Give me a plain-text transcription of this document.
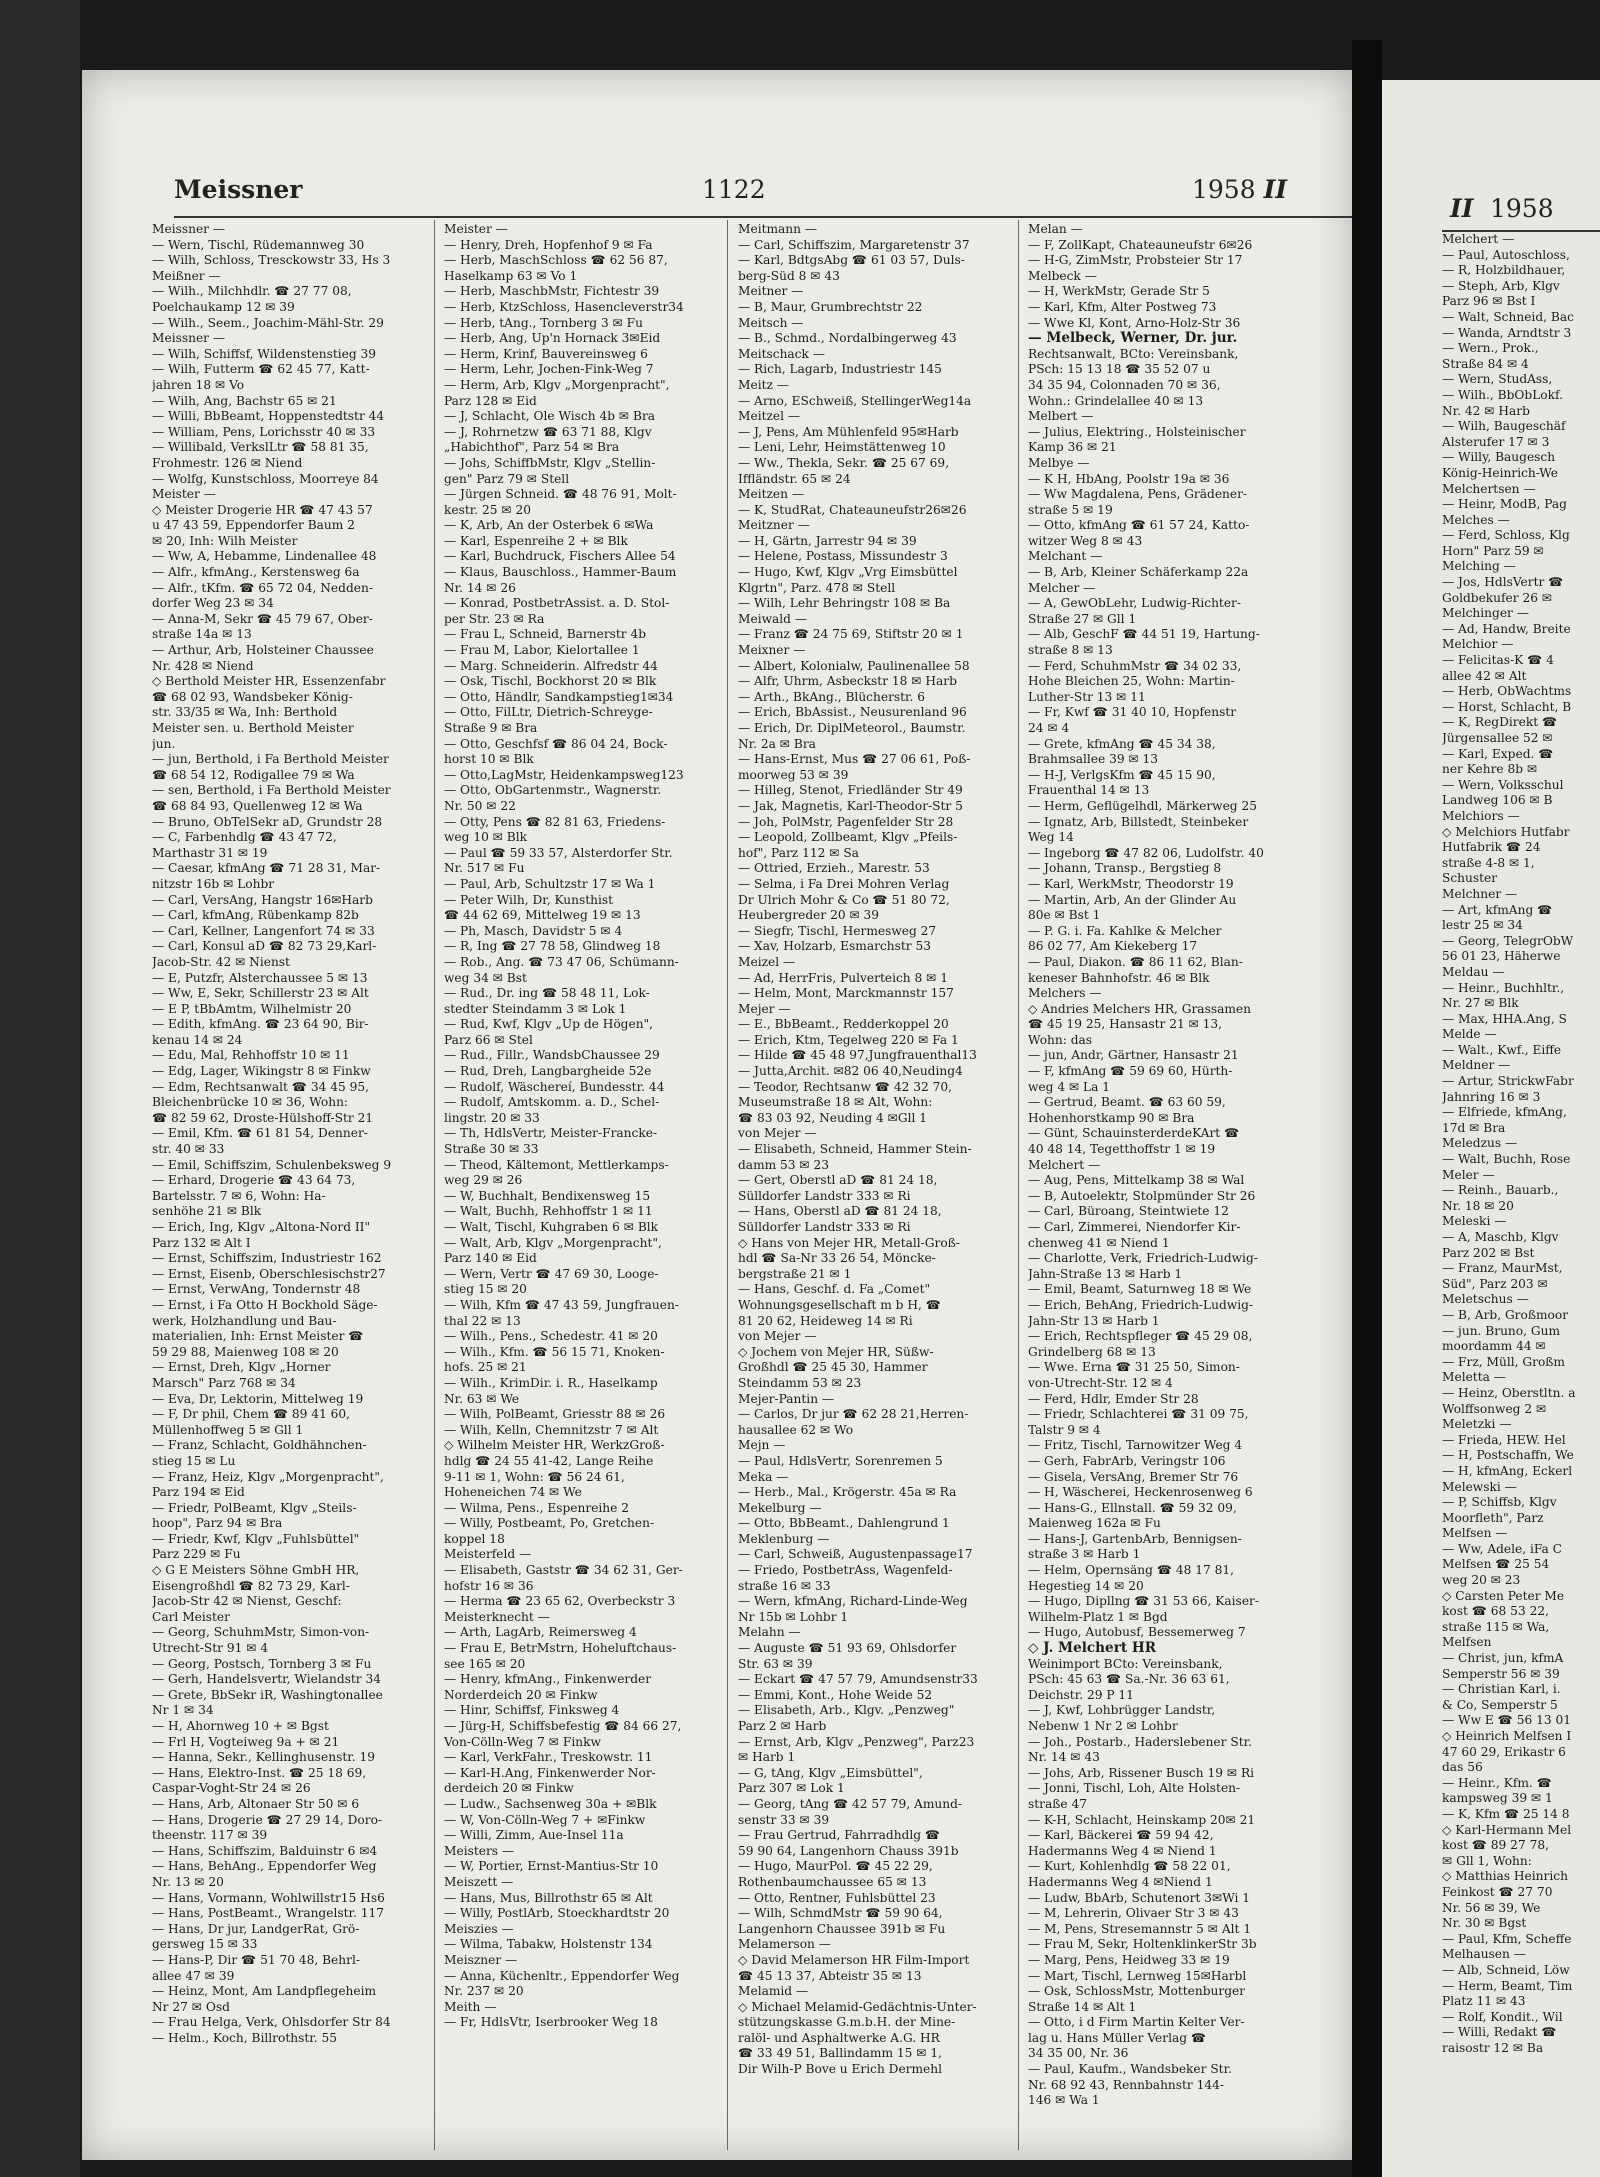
Meissner	1122	1958 II
Meissner —
— Wern, Tischl, Rüdemannweg 30
— Wilh, Schloss, Tresckowstr 33, Hs 3
Meißner —
— Wilh., Milchhdlr. ☎ 27 77 08,
Poelchaukamp 12 ✉ 39
— Wilh., Seem., Joachim-Mähl-Str. 29
Meissner —
— Wilh, Schiffsf, Wildenstenstieg 39
— Wilh, Futterm ☎ 62 45 77, Katt-
jahren 18 ✉ Vo
— Wilh, Ang, Bachstr 65 ✉ 21
— Willi, BbBeamt, Hoppenstedtstr 44
— William, Pens, Lorichsstr 40 ✉ 33
— Willibald, VerkslLtr ☎ 58 81 35,
Frohmestr. 126 ✉ Niend
— Wolfg, Kunstschloss, Moorreye 84
Meister —
◇ Meister Drogerie HR ☎ 47 43 57
u 47 43 59, Eppendorfer Baum 2
✉ 20, Inh: Wilh Meister
— Ww, A, Hebamme, Lindenallee 48
— Alfr., kfmAng., Kerstensweg 6a
— Alfr., tKfm. ☎ 65 72 04, Nedden-
dorfer Weg 23 ✉ 34
— Anna-M, Sekr ☎ 45 79 67, Ober-
straße 14a ✉ 13
— Arthur, Arb, Holsteiner Chaussee
Nr. 428 ✉ Niend
◇ Berthold Meister HR, Essenzenfabr
☎ 68 02 93, Wandsbeker König-
str. 33/35 ✉ Wa, Inh: Berthold
Meister sen. u. Berthold Meister
jun.
— jun, Berthold, i Fa Berthold Meister
☎ 68 54 12, Rodigallee 79 ✉ Wa
— sen, Berthold, i Fa Berthold Meister
☎ 68 84 93, Quellenweg 12 ✉ Wa
— Bruno, ObTelSekr aD, Grundstr 28
— C, Farbenhdlg ☎ 43 47 72,
Marthastr 31 ✉ 19
— Caesar, kfmAng ☎ 71 28 31, Mar-
nitzstr 16b ✉ Lohbr
— Carl, VersAng, Hangstr 16✉Harb
— Carl, kfmAng, Rübenkamp 82b
— Carl, Kellner, Langenfort 74 ✉ 33
— Carl, Konsul aD ☎ 82 73 29,Karl-
Jacob-Str. 42 ✉ Nienst
— E, Putzfr, Alsterchaussee 5 ✉ 13
— Ww, E, Sekr, Schillerstr 23 ✉ Alt
— E P, tBbAmtm, Wilhelmistr 20
— Edith, kfmAng. ☎ 23 64 90, Bir-
kenau 14 ✉ 24
— Edu, Mal, Rehhoffstr 10 ✉ 11
— Edg, Lager, Wikingstr 8 ✉ Finkw
— Edm, Rechtsanwalt ☎ 34 45 95,
Bleichenbrücke 10 ✉ 36, Wohn:
☎ 82 59 62, Droste-Hülshoff-Str 21
— Emil, Kfm. ☎ 61 81 54, Denner-
str. 40 ✉ 33
— Emil, Schiffszim, Schulenbeksweg 9
— Erhard, Drogerie ☎ 43 64 73,
Bartelsstr. 7 ✉ 6, Wohn: Ha-
senhöhe 21 ✉ Blk
— Erich, Ing, Klgv „Altona-Nord II"
Parz 132 ✉ Alt I
— Ernst, Schiffszim, Industriestr 162
— Ernst, Eisenb, Oberschlesischstr27
— Ernst, VerwAng, Tondernstr 48
— Ernst, i Fa Otto H Bockhold Säge-
werk, Holzhandlung und Bau-
materialien, Inh: Ernst Meister ☎
59 29 88, Maienweg 108 ✉ 20
— Ernst, Dreh, Klgv „Horner
Marsch" Parz 768 ✉ 34
— Eva, Dr, Lektorin, Mittelweg 19
— F, Dr phil, Chem ☎ 89 41 60,
Müllenhoffweg 5 ✉ Gll 1
— Franz, Schlacht, Goldhähnchen-
stieg 15 ✉ Lu
— Franz, Heiz, Klgv „Morgenpracht",
Parz 194 ✉ Eid
— Friedr, PolBeamt, Klgv „Steils-
hoop", Parz 94 ✉ Bra
— Friedr, Kwf, Klgv „Fuhlsbüttel"
Parz 229 ✉ Fu
◇ G E Meisters Söhne GmbH HR,
Eisengroßhdl ☎ 82 73 29, Karl-
Jacob-Str 42 ✉ Nienst, Geschf:
Carl Meister
— Georg, SchuhmMstr, Simon-von-
Utrecht-Str 91 ✉ 4
— Georg, Postsch, Tornberg 3 ✉ Fu
— Gerh, Handelsvertr, Wielandstr 34
— Grete, BbSekr iR, Washingtonallee
Nr 1 ✉ 34
— H, Ahornweg 10 + ✉ Bgst
— Frl H, Vogteiweg 9a + ✉ 21
— Hanna, Sekr., Kellinghusenstr. 19
— Hans, Elektro-Inst. ☎ 25 18 69,
Caspar-Voght-Str 24 ✉ 26
— Hans, Arb, Altonaer Str 50 ✉ 6
— Hans, Drogerie ☎ 27 29 14, Doro-
theenstr. 117 ✉ 39
— Hans, Schiffszim, Balduinstr 6 ✉4
— Hans, BehAng., Eppendorfer Weg
Nr. 13 ✉ 20
— Hans, Vormann, Wohlwillstr15 Hs6
— Hans, PostBeamt., Wrangelstr. 117
— Hans, Dr jur, LandgerRat, Grö-
gersweg 15 ✉ 33
— Hans-P, Dir ☎ 51 70 48, Behrl-
allee 47 ✉ 39
— Heinz, Mont, Am Landpflegeheim
Nr 27 ✉ Osd
— Frau Helga, Verk, Ohlsdorfer Str 84
— Helm., Koch, Billrothstr. 55
Meister —
— Henry, Dreh, Hopfenhof 9 ✉ Fa
— Herb, MaschSchloss ☎ 62 56 87,
Haselkamp 63 ✉ Vo 1
— Herb, MaschbMstr, Fichtestr 39
— Herb, KtzSchloss, Hasencleverstr34
— Herb, tAng., Tornberg 3 ✉ Fu
— Herb, Ang, Up'n Hornack 3✉Eid
— Herm, Krinf, Bauvereinsweg 6
— Herm, Lehr, Jochen-Fink-Weg 7
— Herm, Arb, Klgv „Morgenpracht",
Parz 128 ✉ Eid
— J, Schlacht, Ole Wisch 4b ✉ Bra
— J, Rohrnetzw ☎ 63 71 88, Klgv
„Habichthof", Parz 54 ✉ Bra
— Johs, SchiffbMstr, Klgv „Stellin-
gen" Parz 79 ✉ Stell
— Jürgen Schneid. ☎ 48 76 91, Molt-
kestr. 25 ✉ 20
— K, Arb, An der Osterbek 6 ✉Wa
— Karl, Espenreihe 2 + ✉ Blk
— Karl, Buchdruck, Fischers Allee 54
— Klaus, Bauschloss., Hammer-Baum
Nr. 14 ✉ 26
— Konrad, PostbetrAssist. a. D. Stol-
per Str. 23 ✉ Ra
— Frau L, Schneid, Barnerstr 4b
— Frau M, Labor, Kielortallee 1
— Marg. Schneiderin. Alfredstr 44
— Osk, Tischl, Bockhorst 20 ✉ Blk
— Otto, Händlr, Sandkampstieg1✉34
— Otto, FilLtr, Dietrich-Schreyge-
Straße 9 ✉ Bra
— Otto, Geschfsf ☎ 86 04 24, Bock-
horst 10 ✉ Blk
— Otto,LagMstr, Heidenkampsweg123
— Otto, ObGartenmstr., Wagnerstr.
Nr. 50 ✉ 22
— Otty, Pens ☎ 82 81 63, Friedens-
weg 10 ✉ Blk
— Paul ☎ 59 33 57, Alsterdorfer Str.
Nr. 517 ✉ Fu
— Paul, Arb, Schultzstr 17 ✉ Wa 1
— Peter Wilh, Dr, Kunsthist
☎ 44 62 69, Mittelweg 19 ✉ 13
— Ph, Masch, Davidstr 5 ✉ 4
— R, Ing ☎ 27 78 58, Glindweg 18
— Rob., Ang. ☎ 73 47 06, Schümann-
weg 34 ✉ Bst
— Rud., Dr. ing ☎ 58 48 11, Lok-
stedter Steindamm 3 ✉ Lok 1
— Rud, Kwf, Klgv „Up de Högen",
Parz 66 ✉ Stel
— Rud., Fillr., WandsbChaussee 29
— Rud, Dreh, Langbargheide 52e
— Rudolf, Wäschereí, Bundesstr. 44
— Rudolf, Amtskomm. a. D., Schel-
lingstr. 20 ✉ 33
— Th, HdlsVertr, Meister-Francke-
Straße 30 ✉ 33
— Theod, Kältemont, Mettlerkamps-
weg 29 ✉ 26
— W, Buchhalt, Bendixensweg 15
— Walt, Buchh, Rehhoffstr 1 ✉ 11
— Walt, Tischl, Kuhgraben 6 ✉ Blk
— Walt, Arb, Klgv „Morgenpracht",
Parz 140 ✉ Eid
— Wern, Vertr ☎ 47 69 30, Looge-
stieg 15 ✉ 20
— Wilh, Kfm ☎ 47 43 59, Jungfrauen-
thal 22 ✉ 13
— Wilh., Pens., Schedestr. 41 ✉ 20
— Wilh., Kfm. ☎ 56 15 71, Knoken-
hofs. 25 ✉ 21
— Wilh., KrimDir. i. R., Haselkamp
Nr. 63 ✉ We
— Wilh, PolBeamt, Griesstr 88 ✉ 26
— Wilh, Kelln, Chemnitzstr 7 ✉ Alt
◇ Wilhelm Meister HR, WerkzGroß-
hdlg ☎ 24 55 41-42, Lange Reihe
9-11 ✉ 1, Wohn: ☎ 56 24 61,
Hoheneichen 74 ✉ We
— Wilma, Pens., Espenreihe 2
— Willy, Postbeamt, Po, Gretchen-
koppel 18
Meisterfeld —
— Elisabeth, Gaststr ☎ 34 62 31, Ger-
hofstr 16 ✉ 36
— Herma ☎ 23 65 62, Overbeckstr 3
Meisterknecht —
— Arth, LagArb, Reimersweg 4
— Frau E, BetrMstrn, Hoheluftchaus-
see 165 ✉ 20
— Henry, kfmAng., Finkenwerder
Norderdeich 20 ✉ Finkw
— Hinr, Schiffsf, Finksweg 4
— Jürg-H, Schiffsbefestig ☎ 84 66 27,
Von-Cölln-Weg 7 ✉ Finkw
— Karl, VerkFahr., Treskowstr. 11
— Karl-H.Ang, Finkenwerder Nor-
derdeich 20 ✉ Finkw
— Ludw., Sachsenweg 30a + ✉Blk
— W, Von-Cölln-Weg 7 + ✉Finkw
— Willi, Zimm, Aue-Insel 11a
Meisters —
— W, Portier, Ernst-Mantius-Str 10
Meiszett —
— Hans, Mus, Billrothstr 65 ✉ Alt
— Willy, PostlArb, Stoeckhardtstr 20
Meiszies —
— Wilma, Tabakw, Holstenstr 134
Meiszner —
— Anna, Küchenltr., Eppendorfer Weg
Nr. 237 ✉ 20
Meith —
— Fr, HdlsVtr, Iserbrooker Weg 18
Meitmann —
— Carl, Schiffszim, Margaretenstr 37
— Karl, BdtgsAbg ☎ 61 03 57, Duls-
berg-Süd 8 ✉ 43
Meitner —
— B, Maur, Grumbrechtstr 22
Meitsch —
— B., Schmd., Nordalbingerweg 43
Meitschack —
— Rich, Lagarb, Industriestr 145
Meitz —
— Arno, ESchweiß, StellingerWeg14a
Meitzel —
— J, Pens, Am Mühlenfeld 95✉Harb
— Leni, Lehr, Heimstättenweg 10
— Ww., Thekla, Sekr. ☎ 25 67 69,
Iffländstr. 65 ✉ 24
Meitzen —
— K, StudRat, Chateauneufstr26✉26
Meitzner —
— H, Gärtn, Jarrestr 94 ✉ 39
— Helene, Postass, Missundestr 3
— Hugo, Kwf, Klgv „Vrg Eimsbüttel
Klgrtn", Parz. 478 ✉ Stell
— Wilh, Lehr Behringstr 108 ✉ Ba
Meiwald —
— Franz ☎ 24 75 69, Stiftstr 20 ✉ 1
Meixner —
— Albert, Kolonialw, Paulinenallee 58
— Alfr, Uhrm, Asbeckstr 18 ✉ Harb
— Arth., BkAng., Blücherstr. 6
— Erich, BbAssist., Neusurenland 96
— Erich, Dr. DiplMeteorol., Baumstr.
Nr. 2a ✉ Bra
— Hans-Ernst, Mus ☎ 27 06 61, Poß-
moorweg 53 ✉ 39
— Hilleg, Stenot, Friedländer Str 49
— Jak, Magnetis, Karl-Theodor-Str 5
— Joh, PolMstr, Pagenfelder Str 28
— Leopold, Zollbeamt, Klgv „Pfeils-
hof", Parz 112 ✉ Sa
— Ottried, Erzieh., Marestr. 53
— Selma, i Fa Drei Mohren Verlag
Dr Ulrich Mohr & Co ☎ 51 80 72,
Heubergreder 20 ✉ 39
— Siegfr, Tischl, Hermesweg 27
— Xav, Holzarb, Esmarchstr 53
Meizel —
— Ad, HerrFris, Pulverteich 8 ✉ 1
— Helm, Mont, Marckmannstr 157
Mejer —
— E., BbBeamt., Redderkoppel 20
— Erich, Ktm, Tegelweg 220 ✉ Fa 1
— Hilde ☎ 45 48 97,Jungfrauenthal13
— Jutta,Archit. ✉82 06 40,Neuding4
— Teodor, Rechtsanw ☎ 42 32 70,
Museumstraße 18 ✉ Alt, Wohn:
☎ 83 03 92, Neuding 4 ✉Gll 1
von Mejer —
— Elisabeth, Schneid, Hammer Stein-
damm 53 ✉ 23
— Gert, Oberstl aD ☎ 81 24 18,
Sülldorfer Landstr 333 ✉ Ri
— Hans, Oberstl aD ☎ 81 24 18,
Sülldorfer Landstr 333 ✉ Ri
◇ Hans von Mejer HR, Metall-Groß-
hdl ☎ Sa-Nr 33 26 54, Mönckе-
bergstraße 21 ✉ 1
— Hans, Geschf. d. Fa „Comet"
Wohnungsgesellschaft m b H, ☎
81 20 62, Heideweg 14 ✉ Ri
von Mejer —
◇ Jochem von Mejer HR, Süßw-
Großhdl ☎ 25 45 30, Hammer
Steindamm 53 ✉ 23
Mejer-Pantin —
— Carlos, Dr jur ☎ 62 28 21,Herren-
hausallee 62 ✉ Wo
Mejn —
— Paul, HdlsVertr, Sorenremen 5
Meka —
— Herb., Mal., Krögerstr. 45a ✉ Ra
Mekelburg —
— Otto, BbBeamt., Dahlengrund 1
Meklenburg —
— Carl, Schweiß, Augustenpassage17
— Friedo, PostbetrAss, Wagenfeld-
straße 16 ✉ 33
— Wern, kfmAng, Richard-Linde-Weg
Nr 15b ✉ Lohbr 1
Melahn —
— Auguste ☎ 51 93 69, Ohlsdorfer
Str. 63 ✉ 39
— Eckart ☎ 47 57 79, Amundsenstr33
— Emmi, Kont., Hohe Weide 52
— Elisabeth, Arb., Klgv. „Penzweg"
Parz 2 ✉ Harb
— Ernst, Arb, Klgv „Penzweg", Parz23
✉ Harb 1
— G, tAng, Klgv „Eimsbüttel",
Parz 307 ✉ Lok 1
— Georg, tAng ☎ 42 57 79, Amund-
senstr 33 ✉ 39
— Frau Gertrud, Fahrradhdlg ☎
59 90 64, Langenhorn Chauss 391b
— Hugo, MaurPol. ☎ 45 22 29,
Rothenbaumchaussee 65 ✉ 13
— Otto, Rentner, Fuhlsbüttel 23
— Wilh, SchmdMstr ☎ 59 90 64,
Langenhorn Chaussee 391b ✉ Fu
Melamerson —
◇ David Melamerson HR Film-Import
☎ 45 13 37, Abteistr 35 ✉ 13
Melamid —
◇ Michael Melamid-Gedächtnis-Unter-
stützungskasse G.m.b.H. der Mine-
ralöl- und Asphaltwerke A.G. HR
☎ 33 49 51, Ballindamm 15 ✉ 1,
Dir Wilh-P Bove u Erich Dermehl
Melan —
— F, ZollKapt, Chateauneufstr 6✉26
— H-G, ZimMstr, Probsteier Str 17
Melbeck —
— H, WerkMstr, Gerade Str 5
— Karl, Kfm, Alter Postweg 73
— Wwe Kl, Kont, Arno-Holz-Str 36
— Melbeck, Werner, Dr. jur.
Rechtsanwalt, BCto: Vereinsbank,
PSch: 15 13 18 ☎ 35 52 07 u
34 35 94, Colonnaden 70 ✉ 36,
Wohn.: Grindelallee 40 ✉ 13
Melbert —
— Julius, Elektring., Holsteinischer
Kamp 36 ✉ 21
Melbye —
— K H, HbAng, Poolstr 19a ✉ 36
— Ww Magdalena, Pens, Grädener-
straße 5 ✉ 19
— Otto, kfmAng ☎ 61 57 24, Katto-
witzer Weg 8 ✉ 43
Melchant —
— B, Arb, Kleiner Schäferkamp 22a
Melcher —
— A, GewObLehr, Ludwig-Richter-
Straße 27 ✉ Gll 1
— Alb, GeschF ☎ 44 51 19, Hartung-
straße 8 ✉ 13
— Ferd, SchuhmMstr ☎ 34 02 33,
Hohe Bleichen 25, Wohn: Martin-
Luther-Str 13 ✉ 11
— Fr, Kwf ☎ 31 40 10, Hopfenstr
24 ✉ 4
— Grete, kfmAng ☎ 45 34 38,
Brahmsallee 39 ✉ 13
— H-J, VerlgsKfm ☎ 45 15 90,
Frauenthal 14 ✉ 13
— Herm, Geflügelhdl, Märkerweg 25
— Ignatz, Arb, Billstedt, Steinbeker
Weg 14
— Ingeborg ☎ 47 82 06, Ludolfstr. 40
— Johann, Transp., Bergstieg 8
— Karl, WerkMstr, Theodorstr 19
— Martin, Arb, An der Glinder Au
80e ✉ Bst 1
— P. G. i. Fa. Kahlke & Melcher
86 02 77, Am Kiekeberg 17
— Paul, Diakon. ☎ 86 11 62, Blan-
keneser Bahnhofstr. 46 ✉ Blk
Melchers —
◇ Andries Melchers HR, Grassamen
☎ 45 19 25, Hansastr 21 ✉ 13,
Wohn: das
— jun, Andr, Gärtner, Hansastr 21
— F, kfmAng ☎ 59 69 60, Hürth-
weg 4 ✉ La 1
— Gertrud, Beamt. ☎ 63 60 59,
Hohenhorstkamp 90 ✉ Bra
— Günt, SchauinsterderdeKArt ☎
40 48 14, Tegetthoffstr 1 ✉ 19
Melchert —
— Aug, Pens, Mittelkamp 38 ✉ Wal
— B, Autoelektr, Stolpmünder Str 26
— Carl, Büroang, Steintwiete 12
— Carl, Zimmerei, Niendorfer Kir-
chenweg 41 ✉ Niend 1
— Charlotte, Verk, Friedrich-Ludwig-
Jahn-Straße 13 ✉ Harb 1
— Emil, Beamt, Saturnweg 18 ✉ We
— Erich, BehAng, Friedrich-Ludwig-
Jahn-Str 13 ✉ Harb 1
— Erich, Rechtspfleger ☎ 45 29 08,
Grindelberg 68 ✉ 13
— Wwe. Erna ☎ 31 25 50, Simon-
von-Utrecht-Str. 12 ✉ 4
— Ferd, Hdlr, Emder Str 28
— Friedr, Schlachterei ☎ 31 09 75,
Talstr 9 ✉ 4
— Fritz, Tischl, Tarnowitzer Weg 4
— Gerh, FabrArb, Veringstr 106
— Gisela, VersAng, Bremer Str 76
— H, Wäscherei, Heckenrosenweg 6
— Hans-G., Ellnstall. ☎ 59 32 09,
Maienweg 162a ✉ Fu
— Hans-J, GartenbArb, Bennigsen-
straße 3 ✉ Harb 1
— Helm, Opernsäng ☎ 48 17 81,
Hegestieg 14 ✉ 20
— Hugo, Dipllng ☎ 31 53 66, Kaiser-
Wilhelm-Platz 1 ✉ Bgd
— Hugo, Autobusf, Bessemerweg 7
◇ J. Melchert HR
Weinimport BCto: Vereinsbank,
PSch: 45 63 ☎ Sa.-Nr. 36 63 61,
Deichstr. 29 P 11
— J, Kwf, Lohbrügger Landstr,
Nebenw 1 Nr 2 ✉ Lohbr
— Joh., Postarb., Haderslebener Str.
Nr. 14 ✉ 43
— Johs, Arb, Rissener Busch 19 ✉ Ri
— Jonni, Tischl, Loh, Alte Holsten-
straße 47
— K-H, Schlacht, Heinskamp 20✉ 21
— Karl, Bäckerei ☎ 59 94 42,
Hadermanns Weg 4 ✉ Niend 1
— Kurt, Kohlenhdlg ☎ 58 22 01,
Hadermanns Weg 4 ✉Niend 1
— Ludw, BbArb, Schutenort 3✉Wi 1
— M, Lehrerin, Olivaer Str 3 ✉ 43
— M, Pens, Stresemannstr 5 ✉ Alt 1
— Frau M, Sekr, HoltenklinkerStr 3b
— Marg, Pens, Heidweg 33 ✉ 19
— Mart, Tischl, Lernweg 15✉Harbl
— Osk, SchlossMstr, Mottenburger
Straße 14 ✉ Alt 1
— Otto, i d Firm Martin Kelter Ver-
lag u. Hans Müller Verlag ☎
34 35 00, Nr. 36
— Paul, Kaufm., Wandsbeker Str.
Nr. 68 92 43, Rennbahnstr 144-
146 ✉ Wa 1
II 1958
Melchert —
— Paul, Autoschloss,
— R, Holzbildhauer,
— Steph, Arb, Klgv
Parz 96 ✉ Bst I
— Walt, Schneid, Bac
— Wanda, Arndtstr 3
— Wern., Prok.,
Straße 84 ✉ 4
— Wern, StudAss,
— Wilh., BbObLokf.
Nr. 42 ✉ Harb
— Wilh, Baugeschäf
Alsterufer 17 ✉ 3
— Willy, Baugesch
König-Heinrich-We
Melchertsen —
— Heinr, ModB, Pag
Melches —
— Ferd, Schloss, Klg
Horn" Parz 59 ✉
Melching —
— Jos, HdlsVertr ☎
Goldbekufer 26 ✉
Melchinger —
— Ad, Handw, Breite
Melchior —
— Felicitas-K ☎ 4
allee 42 ✉ Alt
— Herb, ObWachtms
— Horst, Schlacht, B
— K, RegDirekt ☎
Jürgensallee 52 ✉
— Karl, Exped. ☎
ner Kehre 8b ✉
— Wern, Volksschul
Landweg 106 ✉ B
Melchiors —
◇ Melchiors Hutfabr
Hutfabrik ☎ 24
straße 4-8 ✉ 1,
Schuster
Melchner —
— Art, kfmAng ☎
lestr 25 ✉ 34
— Georg, TelegrObW
56 01 23, Häherwe
Meldau —
— Heinr., Buchhltr.,
Nr. 27 ✉ Blk
— Max, HHA.Ang, S
Melde —
— Walt., Kwf., Eiffe
Meldner —
— Artur, StrickwFabr
Jahnring 16 ✉ 3
— Elfriede, kfmAng,
17d ✉ Bra
Meledzus —
— Walt, Buchh, Rose
Meler —
— Reinh., Bauarb.,
Nr. 18 ✉ 20
Meleski —
— A, Maschb, Klgv
Parz 202 ✉ Bst
— Franz, MaurMst,
Süd", Parz 203 ✉
Meletschus —
— B, Arb, Großmoor
— jun. Bruno, Gum
moordamm 44 ✉
— Frz, Müll, Großm
Meletta —
— Heinz, Oberstltn. a
Wolffsonweg 2 ✉
Meletzki —
— Frieda, HEW. Hel
— H, Postschaffn, We
— H, kfmAng, Eckerl
Melewski —
— P, Schiffsb, Klgv
Moorfleth", Parz
Melfsen —
— Ww, Adele, iFa C
Melfsen ☎ 25 54
weg 20 ✉ 23
◇ Carsten Peter Me
kost ☎ 68 53 22,
straße 115 ✉ Wa,
Melfsen
— Christ, jun, kfmA
Semperstr 56 ✉ 39
— Christian Karl, i.
& Co, Semperstr 5
— Ww E ☎ 56 13 01
◇ Heinrich Melfsen I
47 60 29, Erikastr 6
das 56
— Heinr., Kfm. ☎
kampsweg 39 ✉ 1
— K, Kfm ☎ 25 14 8
◇ Karl-Hermann Mel
kost ☎ 89 27 78,
✉ Gll 1, Wohn:
◇ Matthias Heinrich
Feinkost ☎ 27 70
Nr. 56 ✉ 39, We
Nr. 30 ✉ Bgst
— Paul, Kfm, Scheffe
Melhausen —
— Alb, Schneid, Löw
— Herm, Beamt, Tim
Platz 11 ✉ 43
— Rolf, Kondit., Wil
— Willi, Redakt ☎
raisostr 12 ✉ Ba
